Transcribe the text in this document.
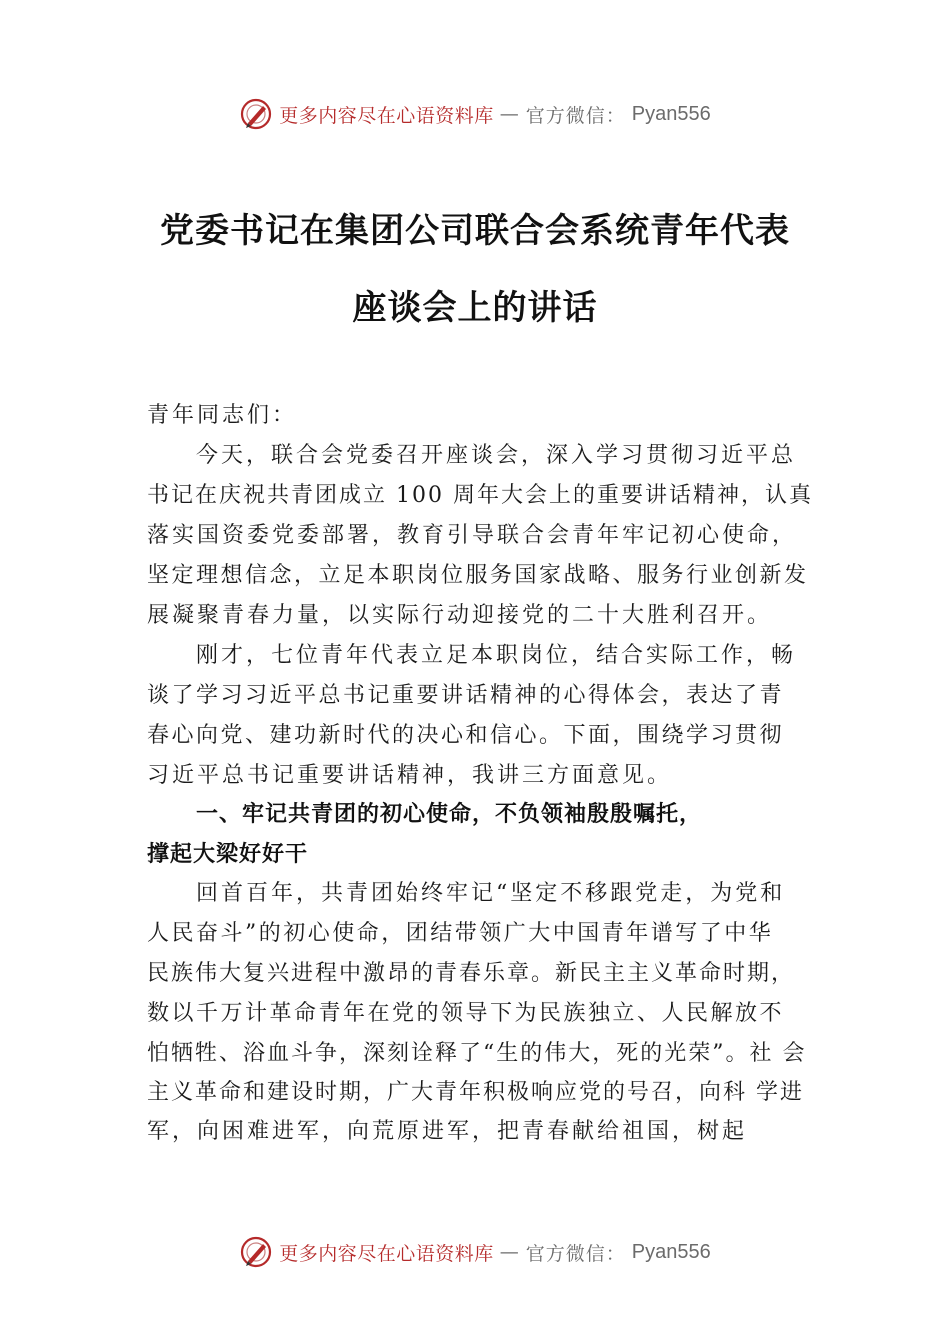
更多内容尽在心语资料库 — 官方微信： Pyan556
党委书记在集团公司联合会系统青年代表
座谈会上的讲话
青年同志们：
今天，联合会党委召开座谈会，深入学习贯彻习近平总
书记在庆祝共青团成立 100 周年大会上的重要讲话精神，认真
落实国资委党委部署，教育引导联合会青年牢记初心使命，
坚定理想信念，立足本职岗位服务国家战略、服务行业创新发
展凝聚青春力量，以实际行动迎接党的二十大胜利召开。
刚才，七位青年代表立足本职岗位，结合实际工作，畅
谈了学习习近平总书记重要讲话精神的心得体会，表达了青
春心向党、建功新时代的决心和信心。下面，围绕学习贯彻
习近平总书记重要讲话精神，我讲三方面意见。
一、牢记共青团的初心使命，不负领袖殷殷嘱托，
撑起大梁好好干
回首百年，共青团始终牢记“坚定不移跟党走，为党和
人民奋斗”的初心使命，团结带领广大中国青年谱写了中华
民族伟大复兴进程中激昂的青春乐章。新民主主义革命时期，
数以千万计革命青年在党的领导下为民族独立、人民解放不
怕牺牲、浴血斗争，深刻诠释了“生的伟大，死的光荣”。社 会
主义革命和建设时期，广大青年积极响应党的号召，向科 学进
军，向困难进军，向荒原进军，把青春献给祖国，树起
更多内容尽在心语资料库 — 官方微信： Pyan556
